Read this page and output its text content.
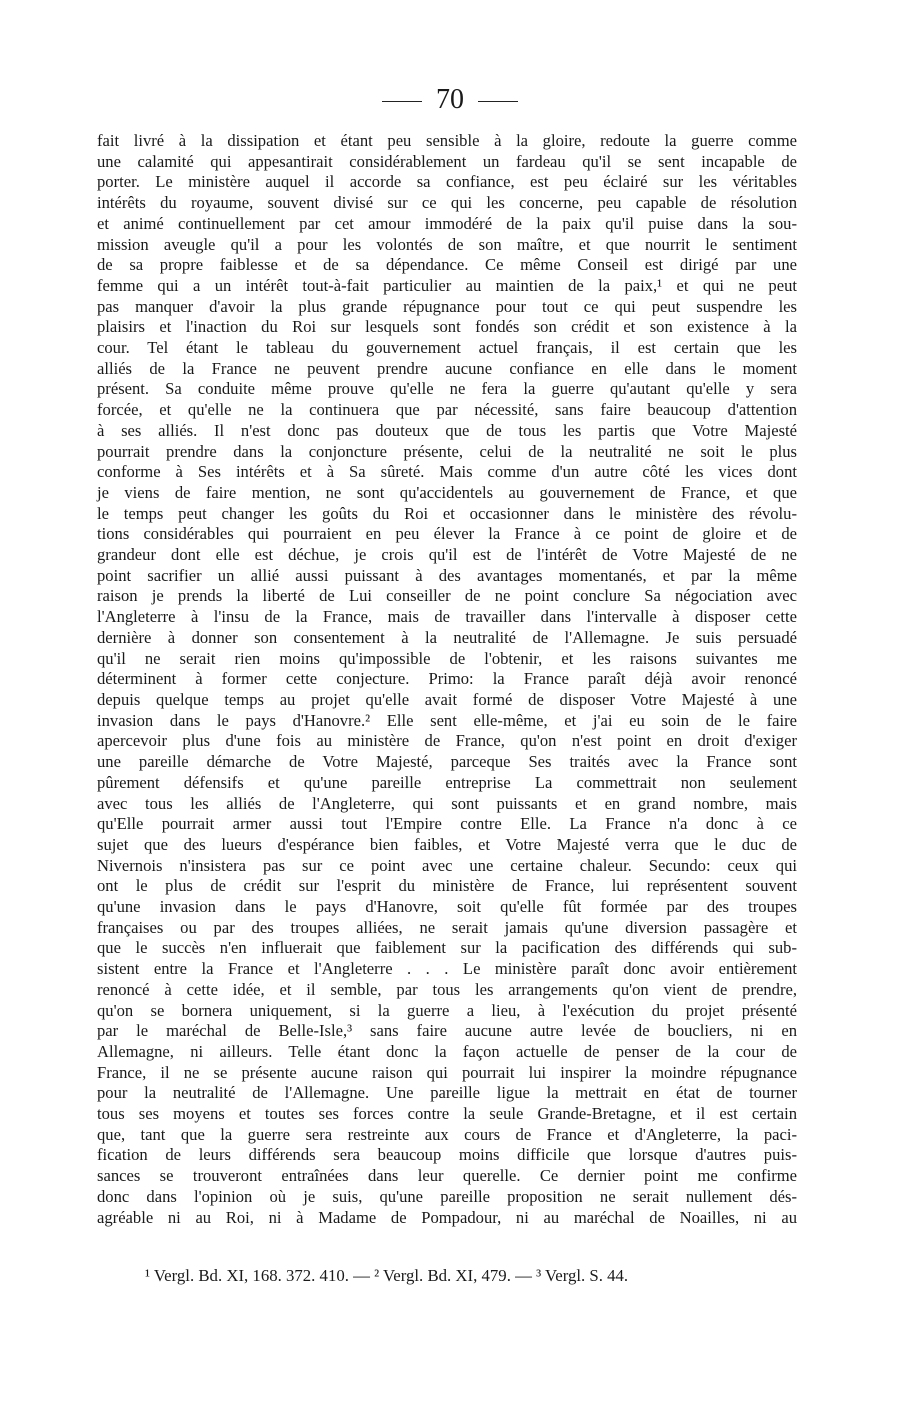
70
fait livré à la dissipation et étant peu sensible à la gloire, redoute la guerre comme
une calamité qui appesantirait considérablement un fardeau qu'il se sent incapable de
porter. Le ministère auquel il accorde sa confiance, est peu éclairé sur les véritables
intérêts du royaume, souvent divisé sur ce qui les concerne, peu capable de résolution
et animé continuellement par cet amour immodéré de la paix qu'il puise dans la sou-
mission aveugle qu'il a pour les volontés de son maître, et que nourrit le sentiment
de sa propre faiblesse et de sa dépendance. Ce même Conseil est dirigé par une
femme qui a un intérêt tout-à-fait particulier au maintien de la paix,¹ et qui ne peut
pas manquer d'avoir la plus grande répugnance pour tout ce qui peut suspendre les
plaisirs et l'inaction du Roi sur lesquels sont fondés son crédit et son existence à la
cour. Tel étant le tableau du gouvernement actuel français, il est certain que les
alliés de la France ne peuvent prendre aucune confiance en elle dans le moment
présent. Sa conduite même prouve qu'elle ne fera la guerre qu'autant qu'elle y sera
forcée, et qu'elle ne la continuera que par nécessité, sans faire beaucoup d'attention
à ses alliés. Il n'est donc pas douteux que de tous les partis que Votre Majesté
pourrait prendre dans la conjoncture présente, celui de la neutralité ne soit le plus
conforme à Ses intérêts et à Sa sûreté. Mais comme d'un autre côté les vices dont
je viens de faire mention, ne sont qu'accidentels au gouvernement de France, et que
le temps peut changer les goûts du Roi et occasionner dans le ministère des révolu-
tions considérables qui pourraient en peu élever la France à ce point de gloire et de
grandeur dont elle est déchue, je crois qu'il est de l'intérêt de Votre Majesté de ne
point sacrifier un allié aussi puissant à des avantages momentanés, et par la même
raison je prends la liberté de Lui conseiller de ne point conclure Sa négociation avec
l'Angleterre à l'insu de la France, mais de travailler dans l'intervalle à disposer cette
dernière à donner son consentement à la neutralité de l'Allemagne. Je suis persuadé
qu'il ne serait rien moins qu'impossible de l'obtenir, et les raisons suivantes me
déterminent à former cette conjecture. Primo: la France paraît déjà avoir renoncé
depuis quelque temps au projet qu'elle avait formé de disposer Votre Majesté à une
invasion dans le pays d'Hanovre.² Elle sent elle-même, et j'ai eu soin de le faire
apercevoir plus d'une fois au ministère de France, qu'on n'est point en droit d'exiger
une pareille démarche de Votre Majesté, parceque Ses traités avec la France sont
pûrement défensifs et qu'une pareille entreprise La commettrait non seulement
avec tous les alliés de l'Angleterre, qui sont puissants et en grand nombre, mais
qu'Elle pourrait armer aussi tout l'Empire contre Elle. La France n'a donc à ce
sujet que des lueurs d'espérance bien faibles, et Votre Majesté verra que le duc de
Nivernois n'insistera pas sur ce point avec une certaine chaleur. Secundo: ceux qui
ont le plus de crédit sur l'esprit du ministère de France, lui représentent souvent
qu'une invasion dans le pays d'Hanovre, soit qu'elle fût formée par des troupes
françaises ou par des troupes alliées, ne serait jamais qu'une diversion passagère et
que le succès n'en influerait que faiblement sur la pacification des différends qui sub-
sistent entre la France et l'Angleterre . . . Le ministère paraît donc avoir entièrement
renoncé à cette idée, et il semble, par tous les arrangements qu'on vient de prendre,
qu'on se bornera uniquement, si la guerre a lieu, à l'exécution du projet présenté
par le maréchal de Belle-Isle,³ sans faire aucune autre levée de boucliers, ni en
Allemagne, ni ailleurs. Telle étant donc la façon actuelle de penser de la cour de
France, il ne se présente aucune raison qui pourrait lui inspirer la moindre répugnance
pour la neutralité de l'Allemagne. Une pareille ligue la mettrait en état de tourner
tous ses moyens et toutes ses forces contre la seule Grande-Bretagne, et il est certain
que, tant que la guerre sera restreinte aux cours de France et d'Angleterre, la paci-
fication de leurs différends sera beaucoup moins difficile que lorsque d'autres puis-
sances se trouveront entraînées dans leur querelle. Ce dernier point me confirme
donc dans l'opinion où je suis, qu'une pareille proposition ne serait nullement dés-
agréable ni au Roi, ni à Madame de Pompadour, ni au maréchal de Noailles, ni au
¹ Vergl. Bd. XI, 168. 372. 410. — ² Vergl. Bd. XI, 479. — ³ Vergl. S. 44.
